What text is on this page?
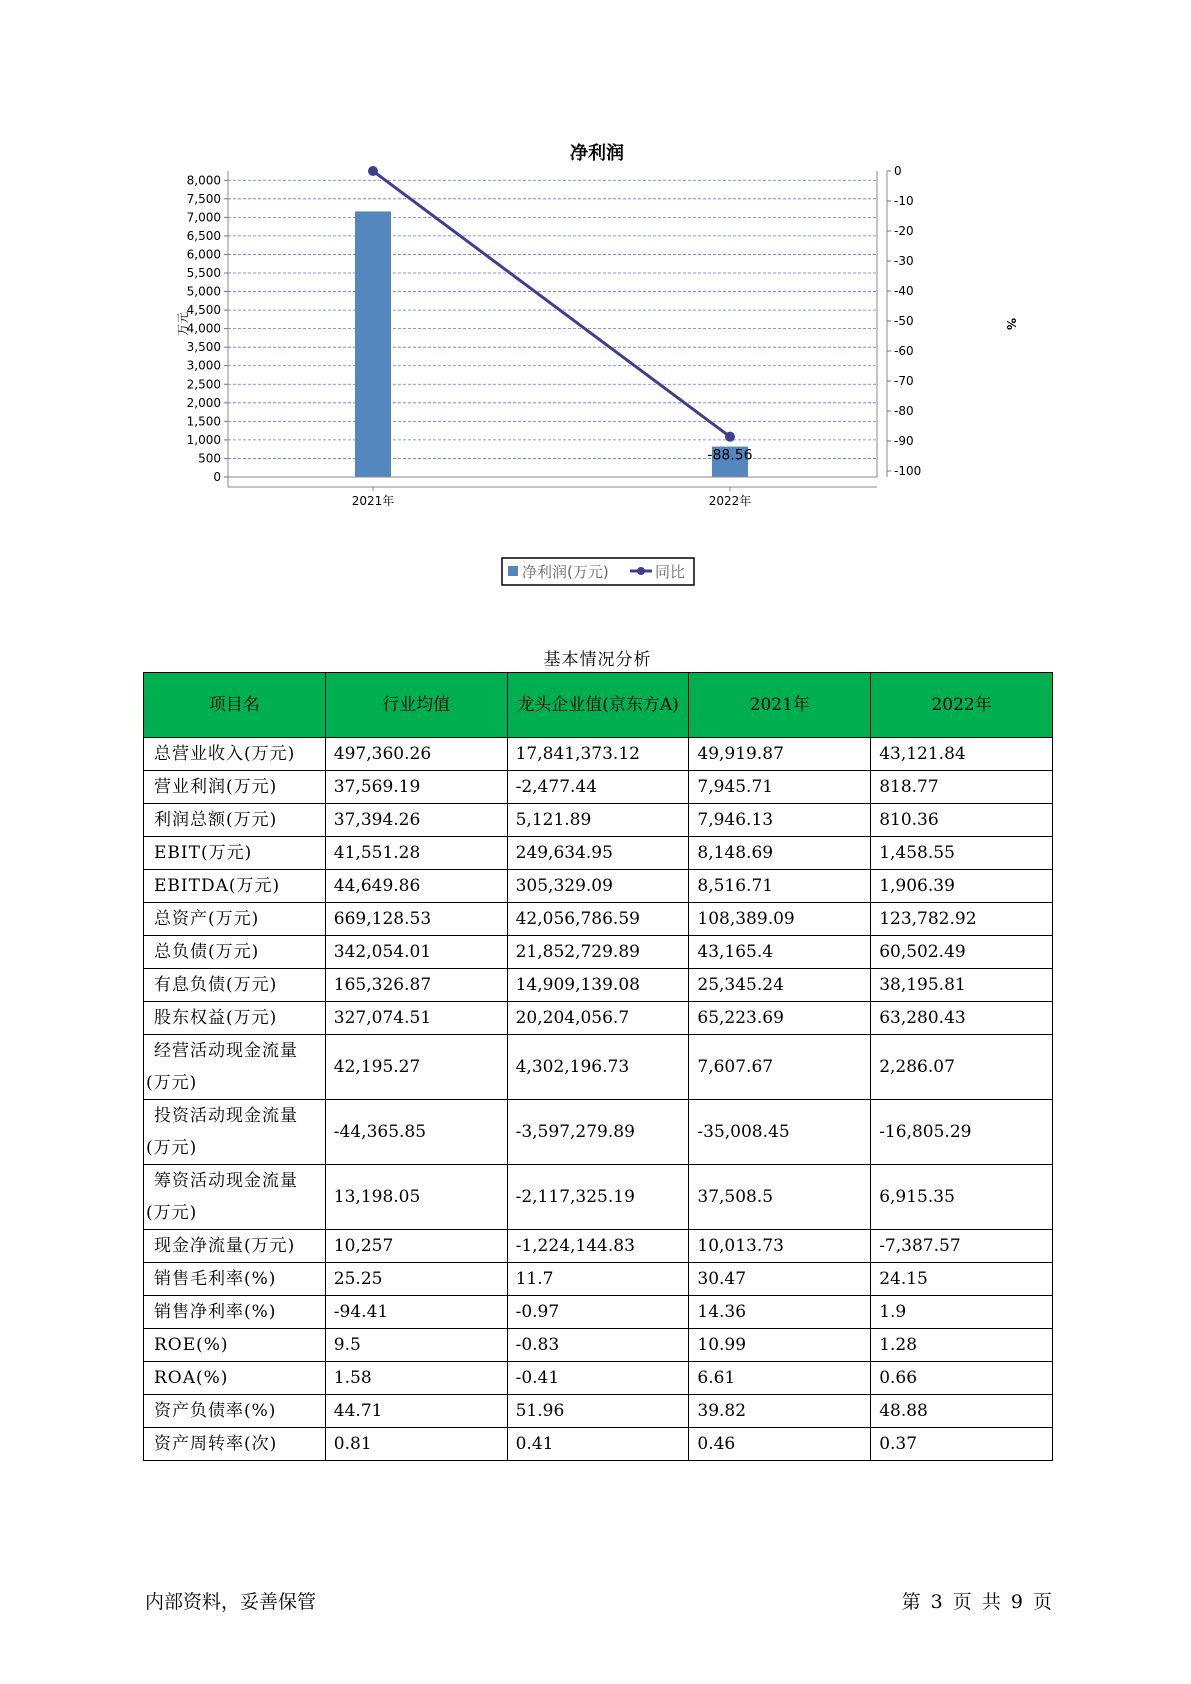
净利润
2021年	2022年
0
500
1,000
1,500
2,000
2,500
3,000
3,500
4,000
4,500
5,000
5,500
6,000
6,500
7,000
7,500
8,000
0
-10
-20
-30
-40
-50
-60
-70
-80
-90
-100
-88.56
万元	%
净利润(万元)	同比
基本情况分析
项目名	行业均值	龙头企业值(京东方A)	2021年	2022年
总营业收入(万元)	497,360.26	17,841,373.12	49,919.87	43,121.84
营业利润(万元)	37,569.19	-2,477.44	7,945.71	818.77
利润总额(万元)	37,394.26	5,121.89	7,946.13	810.36
EBIT(万元)	41,551.28	249,634.95	8,148.69	1,458.55
EBITDA(万元)	44,649.86	305,329.09	8,516.71	1,906.39
总资产(万元)	669,128.53	42,056,786.59	108,389.09	123,782.92
总负债(万元)	342,054.01	21,852,729.89	43,165.4	60,502.49
有息负债(万元)	165,326.87	14,909,139.08	25,345.24	38,195.81
股东权益(万元)	327,074.51	20,204,056.7	65,223.69	63,280.43
经营活动现金流量(万元)	42,195.27	4,302,196.73	7,607.67	2,286.07
投资活动现金流量(万元)	-44,365.85	-3,597,279.89	-35,008.45	-16,805.29
筹资活动现金流量(万元)	13,198.05	-2,117,325.19	37,508.5	6,915.35
现金净流量(万元)	10,257	-1,224,144.83	10,013.73	-7,387.57
销售毛利率(%)	25.25	11.7	30.47	24.15
销售净利率(%)	-94.41	-0.97	14.36	1.9
ROE(%)	9.5	-0.83	10.99	1.28
ROA(%)	1.58	-0.41	6.61	0.66
资产负债率(%)	44.71	51.96	39.82	48.88
资产周转率(次)	0.81	0.41	0.46	0.37
内部资料，妥善保管	第 3 页 共 9 页
